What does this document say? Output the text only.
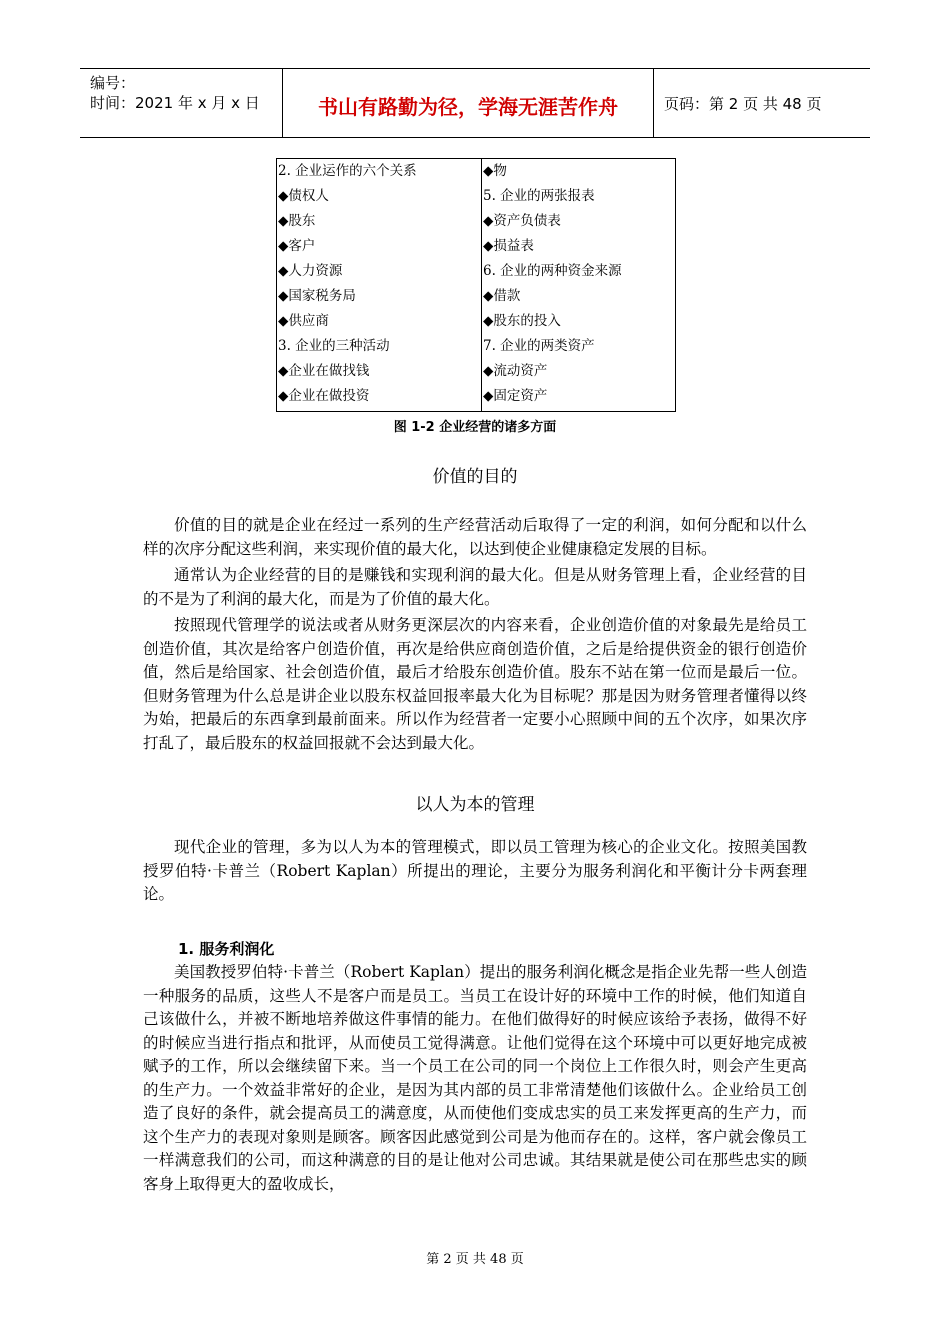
编号：
时间：2021 年 x 月 x 日	书山有路勤为径，学海无涯苦作舟	页码：第 2 页 共 48 页
2. 企业运作的六个关系
◆债权人
◆股东
◆客户
◆人力资源
◆国家税务局
◆供应商
3. 企业的三种活动
◆企业在做找钱
◆企业在做投资
◆物
5. 企业的两张报表
◆资产负债表
◆损益表
6. 企业的两种资金来源
◆借款
◆股东的投入
7. 企业的两类资产
◆流动资产
◆固定资产
图 1-2 企业经营的诸多方面
价值的目的

价值的目的就是企业在经过一系列的生产经营活动后取得了一定的利润，如何分配和以什么样的次序分配这些利润，来实现价值的最大化，以达到使企业健康稳定发展的目标。

通常认为企业经营的目的是赚钱和实现利润的最大化。但是从财务管理上看，企业经营的目的不是为了利润的最大化，而是为了价值的最大化。

按照现代管理学的说法或者从财务更深层次的内容来看，企业创造价值的对象最先是给员工创造价值，其次是给客户创造价值，再次是给供应商创造价值，之后是给提供资金的银行创造价值，然后是给国家、社会创造价值，最后才给股东创造价值。股东不站在第一位而是最后一位。但财务管理为什么总是讲企业以股东权益回报率最大化为目标呢？那是因为财务管理者懂得以终为始，把最后的东西拿到最前面来。所以作为经营者一定要小心照顾中间的五个次序，如果次序打乱了，最后股东的权益回报就不会达到最大化。

以人为本的管理

现代企业的管理，多为以人为本的管理模式，即以员工管理为核心的企业文化。按照美国教授罗伯特·卡普兰（Robert Kaplan）所提出的理论，主要分为服务利润化和平衡计分卡两套理论。

1. 服务利润化

美国教授罗伯特·卡普兰（Robert Kaplan）提出的服务利润化概念是指企业先帮一些人创造一种服务的品质，这些人不是客户而是员工。当员工在设计好的环境中工作的时候，他们知道自己该做什么，并被不断地培养做这件事情的能力。在他们做得好的时候应该给予表扬，做得不好的时候应当进行指点和批评，从而使员工觉得满意。让他们觉得在这个环境中可以更好地完成被赋予的工作，所以会继续留下来。当一个员工在公司的同一个岗位上工作很久时，则会产生更高的生产力。一个效益非常好的企业，是因为其内部的员工非常清楚他们该做什么。企业给员工创造了良好的条件，就会提高员工的满意度，从而使他们变成忠实的员工来发挥更高的生产力，而这个生产力的表现对象则是顾客。顾客因此感觉到公司是为他而存在的。这样，客户就会像员工一样满意我们的公司，而这种满意的目的是让他对公司忠诚。其结果就是使公司在那些忠实的顾客身上取得更大的盈收成长，

第 2 页 共 48 页
